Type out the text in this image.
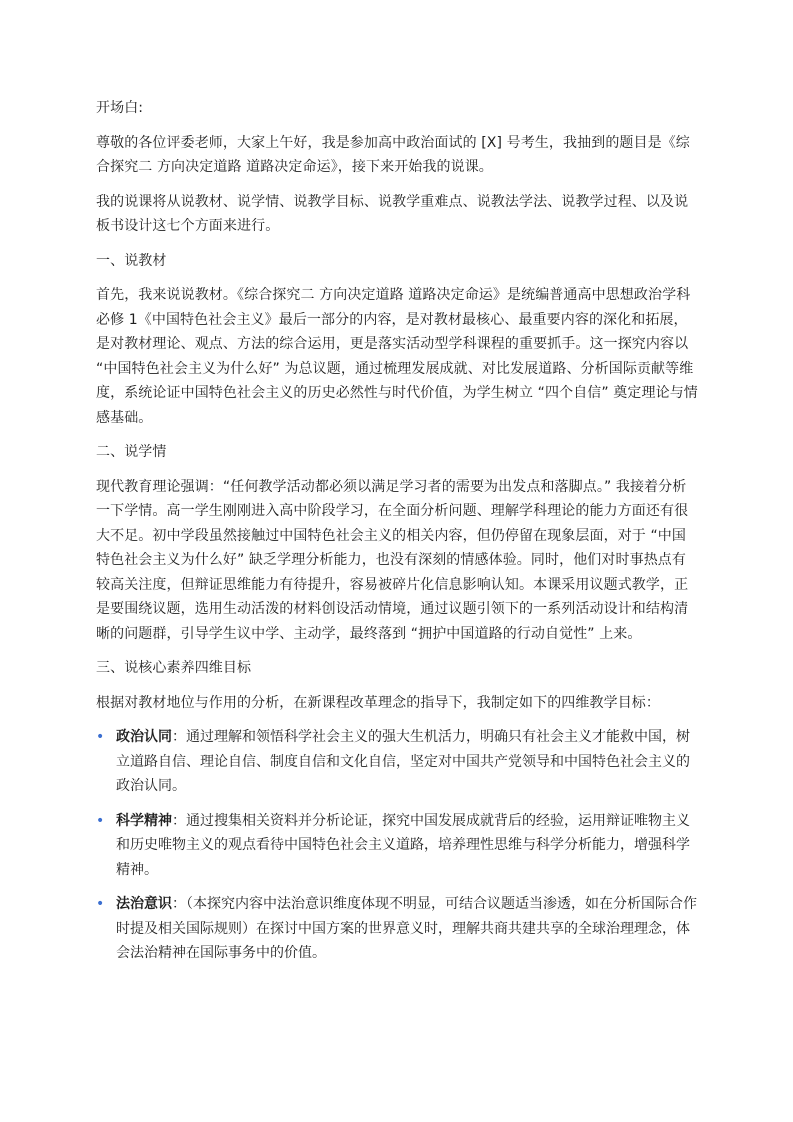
开场白:

尊敬的各位评委老师，大家上午好，我是参加高中政治面试的 [X] 号考生，我抽到的题目是《综合探究二 方向决定道路 道路决定命运》，接下来开始我的说课。

我的说课将从说教材、说学情、说教学目标、说教学重难点、说教法学法、说教学过程、以及说板书设计这七个方面来进行。

一、说教材

首先，我来说说教材。《综合探究二 方向决定道路 道路决定命运》是统编普通高中思想政治学科必修 1《中国特色社会主义》最后一部分的内容，是对教材最核心、最重要内容的深化和拓展，是对教材理论、观点、方法的综合运用，更是落实活动型学科课程的重要抓手。这一探究内容以 “中国特色社会主义为什么好” 为总议题，通过梳理发展成就、对比发展道路、分析国际贡献等维度，系统论证中国特色社会主义的历史必然性与时代价值，为学生树立 “四个自信” 奠定理论与情感基础。

二、说学情

现代教育理论强调：“任何教学活动都必须以满足学习者的需要为出发点和落脚点。” 我接着分析一下学情。高一学生刚刚进入高中阶段学习，在全面分析问题、理解学科理论的能力方面还有很大不足。初中学段虽然接触过中国特色社会主义的相关内容，但仍停留在现象层面，对于 “中国特色社会主义为什么好” 缺乏学理分析能力，也没有深刻的情感体验。同时，他们对时事热点有较高关注度，但辩证思维能力有待提升，容易被碎片化信息影响认知。本课采用议题式教学，正是要围绕议题，选用生动活泼的材料创设活动情境，通过议题引领下的一系列活动设计和结构清晰的问题群，引导学生议中学、主动学，最终落到 “拥护中国道路的行动自觉性” 上来。

三、说核心素养四维目标

根据对教材地位与作用的分析，在新课程改革理念的指导下，我制定如下的四维教学目标：

• 政治认同：通过理解和领悟科学社会主义的强大生机活力，明确只有社会主义才能救中国，树立道路自信、理论自信、制度自信和文化自信，坚定对中国共产党领导和中国特色社会主义的政治认同。
• 科学精神：通过搜集相关资料并分析论证，探究中国发展成就背后的经验，运用辩证唯物主义和历史唯物主义的观点看待中国特色社会主义道路，培养理性思维与科学分析能力，增强科学精神。
• 法治意识：（本探究内容中法治意识维度体现不明显，可结合议题适当渗透，如在分析国际合作时提及相关国际规则）在探讨中国方案的世界意义时，理解共商共建共享的全球治理理念，体会法治精神在国际事务中的价值。
